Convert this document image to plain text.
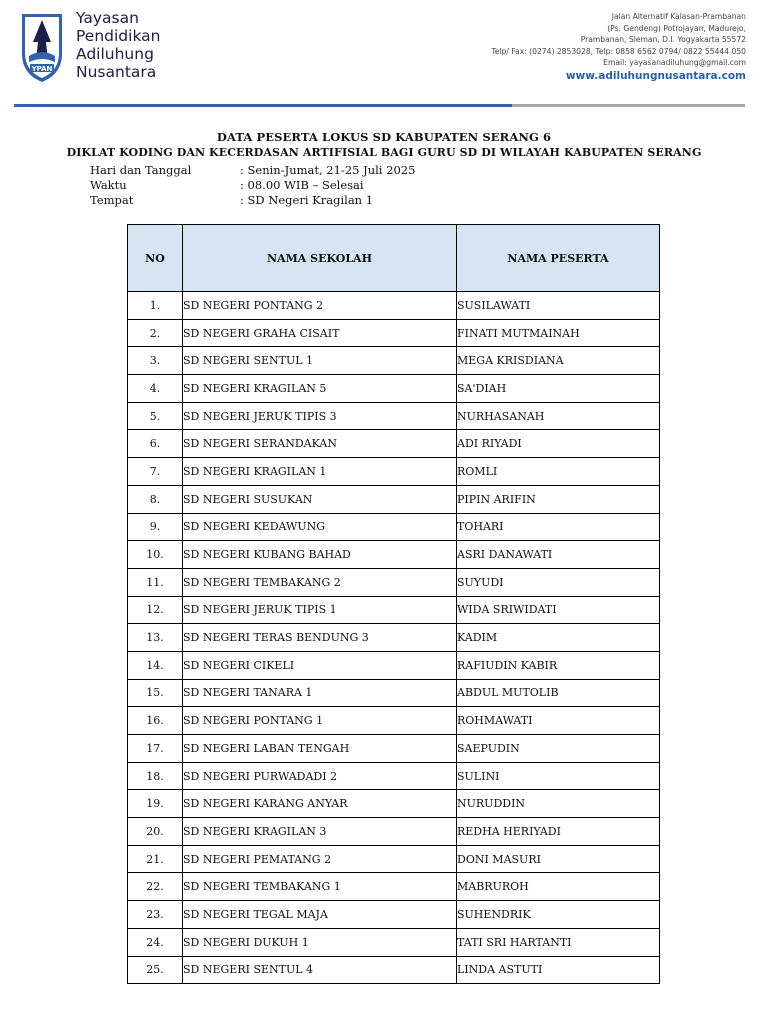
YPAN
Yayasan
Pendidikan
Adiluhung
Nusantara
Jalan Alternatif Kalasan-Prambanan
(Ps. Gendeng) Potrojayan, Madurejo,
Prambanan, Sleman, D.I. Yogyakarta 55572
Telp/ Fax: (0274) 2853028, Telp: 0858 6562 0794/ 0822 55444 050
Email: yayasanadiluhung@gmail.com
www.adiluhungnusantara.com
DATA PESERTA LOKUS SD KABUPATEN SERANG 6
DIKLAT KODING DAN KECERDASAN ARTIFISIAL BAGI GURU SD DI WILAYAH KABUPATEN SERANG
Hari dan Tanggal	: Senin-Jumat, 21-25 Juli 2025
Waktu	: 08.00 WIB – Selesai
Tempat	: SD Negeri Kragilan 1
NO	NAMA SEKOLAH	NAMA PESERTA
1.	SD NEGERI PONTANG 2	SUSILAWATI
2.	SD NEGERI GRAHA CISAIT	FINATI MUTMAINAH
3.	SD NEGERI SENTUL 1	MEGA KRISDIANA
4.	SD NEGERI KRAGILAN 5	SA'DIAH
5.	SD NEGERI JERUK TIPIS 3	NURHASANAH
6.	SD NEGERI SERANDAKAN	ADI RIYADI
7.	SD NEGERI KRAGILAN 1	ROMLI
8.	SD NEGERI SUSUKAN	PIPIN ARIFIN
9.	SD NEGERI KEDAWUNG	TOHARI
10.	SD NEGERI KUBANG BAHAD	ASRI DANAWATI
11.	SD NEGERI TEMBAKANG 2	SUYUDI
12.	SD NEGERI JERUK TIPIS 1	WIDA SRIWIDATI
13.	SD NEGERI TERAS BENDUNG 3	KADIM
14.	SD NEGERI CIKELI	RAFIUDIN KABIR
15.	SD NEGERI TANARA 1	ABDUL MUTOLIB
16.	SD NEGERI PONTANG 1	ROHMAWATI
17.	SD NEGERI LABAN TENGAH	SAEPUDIN
18.	SD NEGERI PURWADADI 2	SULINI
19.	SD NEGERI KARANG ANYAR	NURUDDIN
20.	SD NEGERI KRAGILAN 3	REDHA HERIYADI
21.	SD NEGERI PEMATANG 2	DONI MASURI
22.	SD NEGERI TEMBAKANG 1	MABRUROH
23.	SD NEGERI TEGAL MAJA	SUHENDRIK
24.	SD NEGERI DUKUH 1	TATI SRI HARTANTI
25.	SD NEGERI SENTUL 4	LINDA ASTUTI
